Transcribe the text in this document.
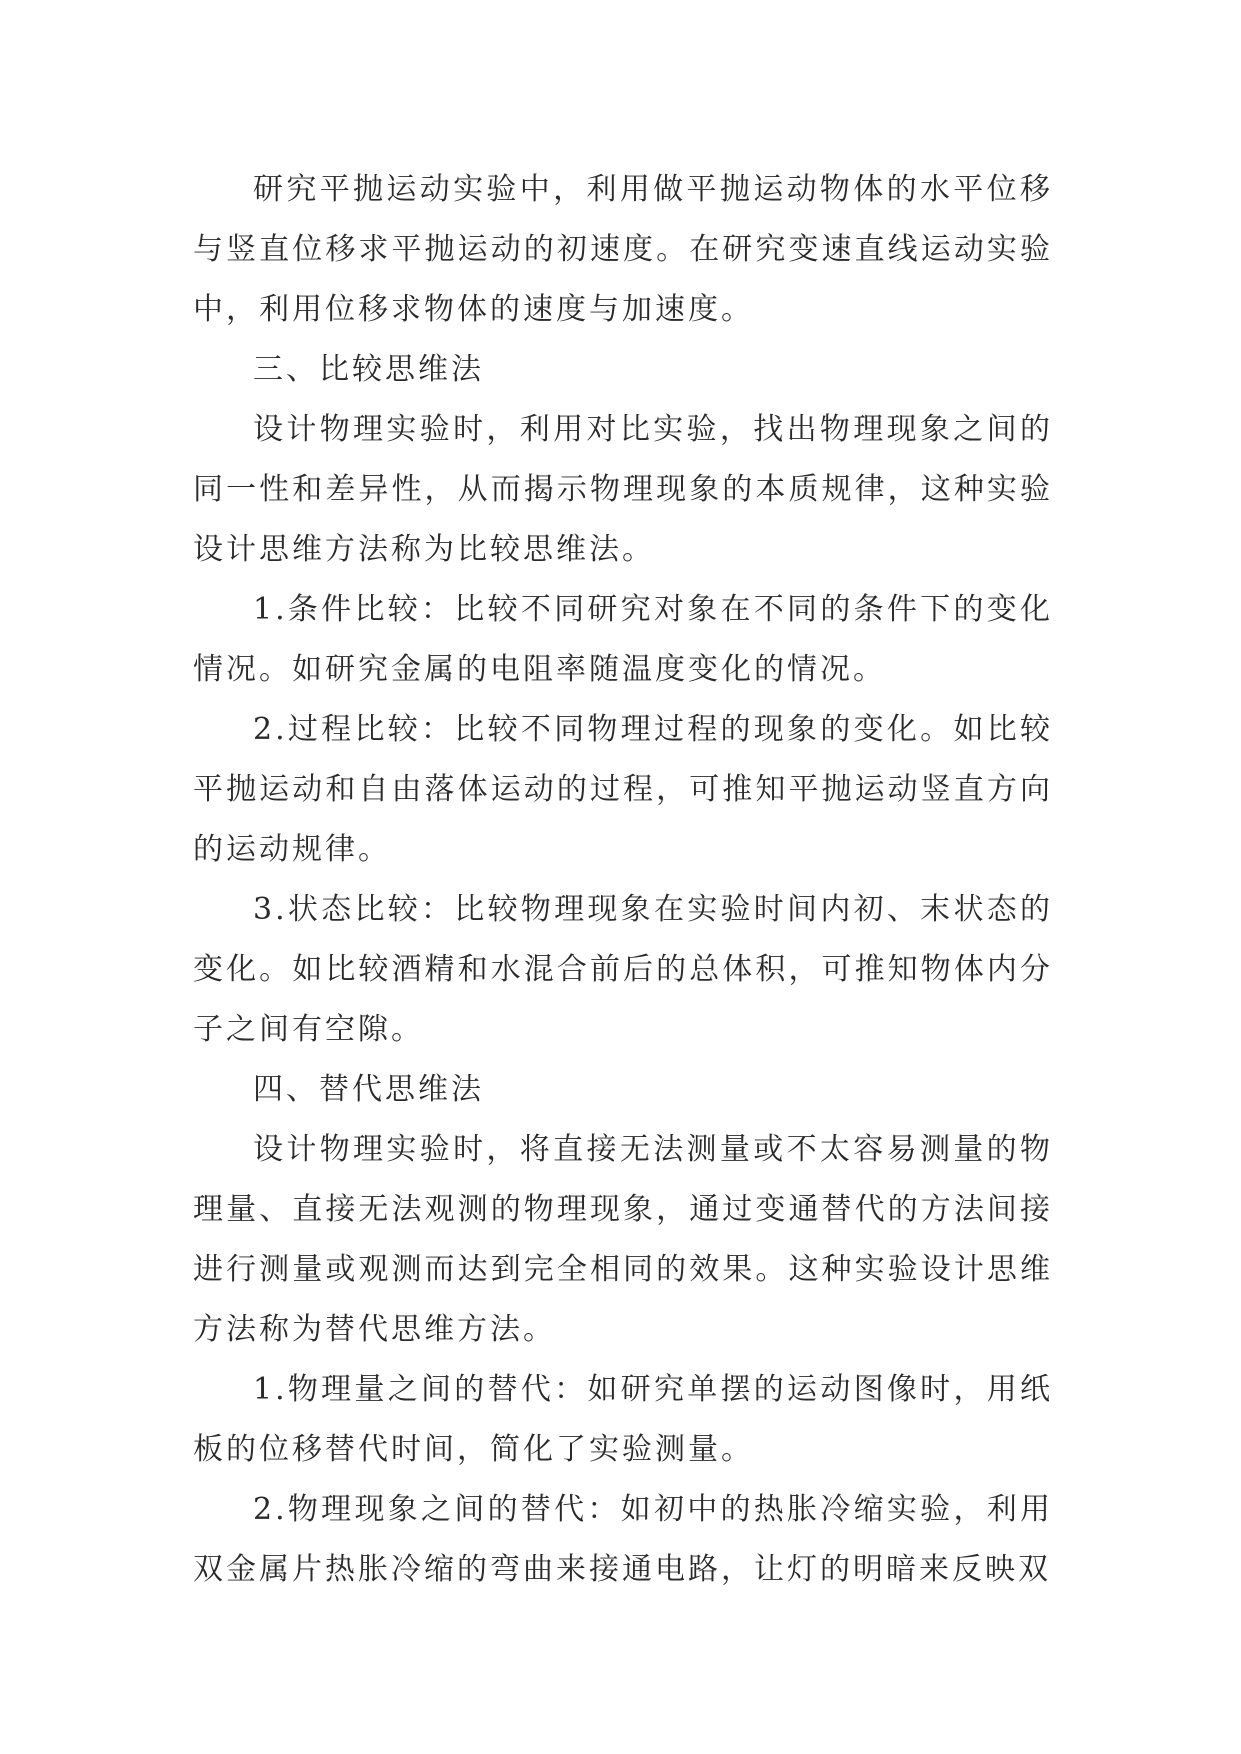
研究平抛运动实验中，利用做平抛运动物体的水平位移与竖直位移求平抛运动的初速度。在研究变速直线运动实验中，利用位移求物体的速度与加速度。

三、比较思维法

设计物理实验时，利用对比实验，找出物理现象之间的同一性和差异性，从而揭示物理现象的本质规律，这种实验设计思维方法称为比较思维法。

1.条件比较：比较不同研究对象在不同的条件下的变化情况。如研究金属的电阻率随温度变化的情况。

2.过程比较：比较不同物理过程的现象的变化。如比较平抛运动和自由落体运动的过程，可推知平抛运动竖直方向的运动规律。

3.状态比较：比较物理现象在实验时间内初、末状态的变化。如比较酒精和水混合前后的总体积，可推知物体内分子之间有空隙。

四、替代思维法

设计物理实验时，将直接无法测量或不太容易测量的物理量、直接无法观测的物理现象，通过变通替代的方法间接进行测量或观测而达到完全相同的效果。这种实验设计思维方法称为替代思维方法。

1.物理量之间的替代：如研究单摆的运动图像时，用纸板的位移替代时间，简化了实验测量。

2.物理现象之间的替代：如初中的热胀冷缩实验，利用双金属片热胀冷缩的弯曲来接通电路，让灯的明暗来反映双
